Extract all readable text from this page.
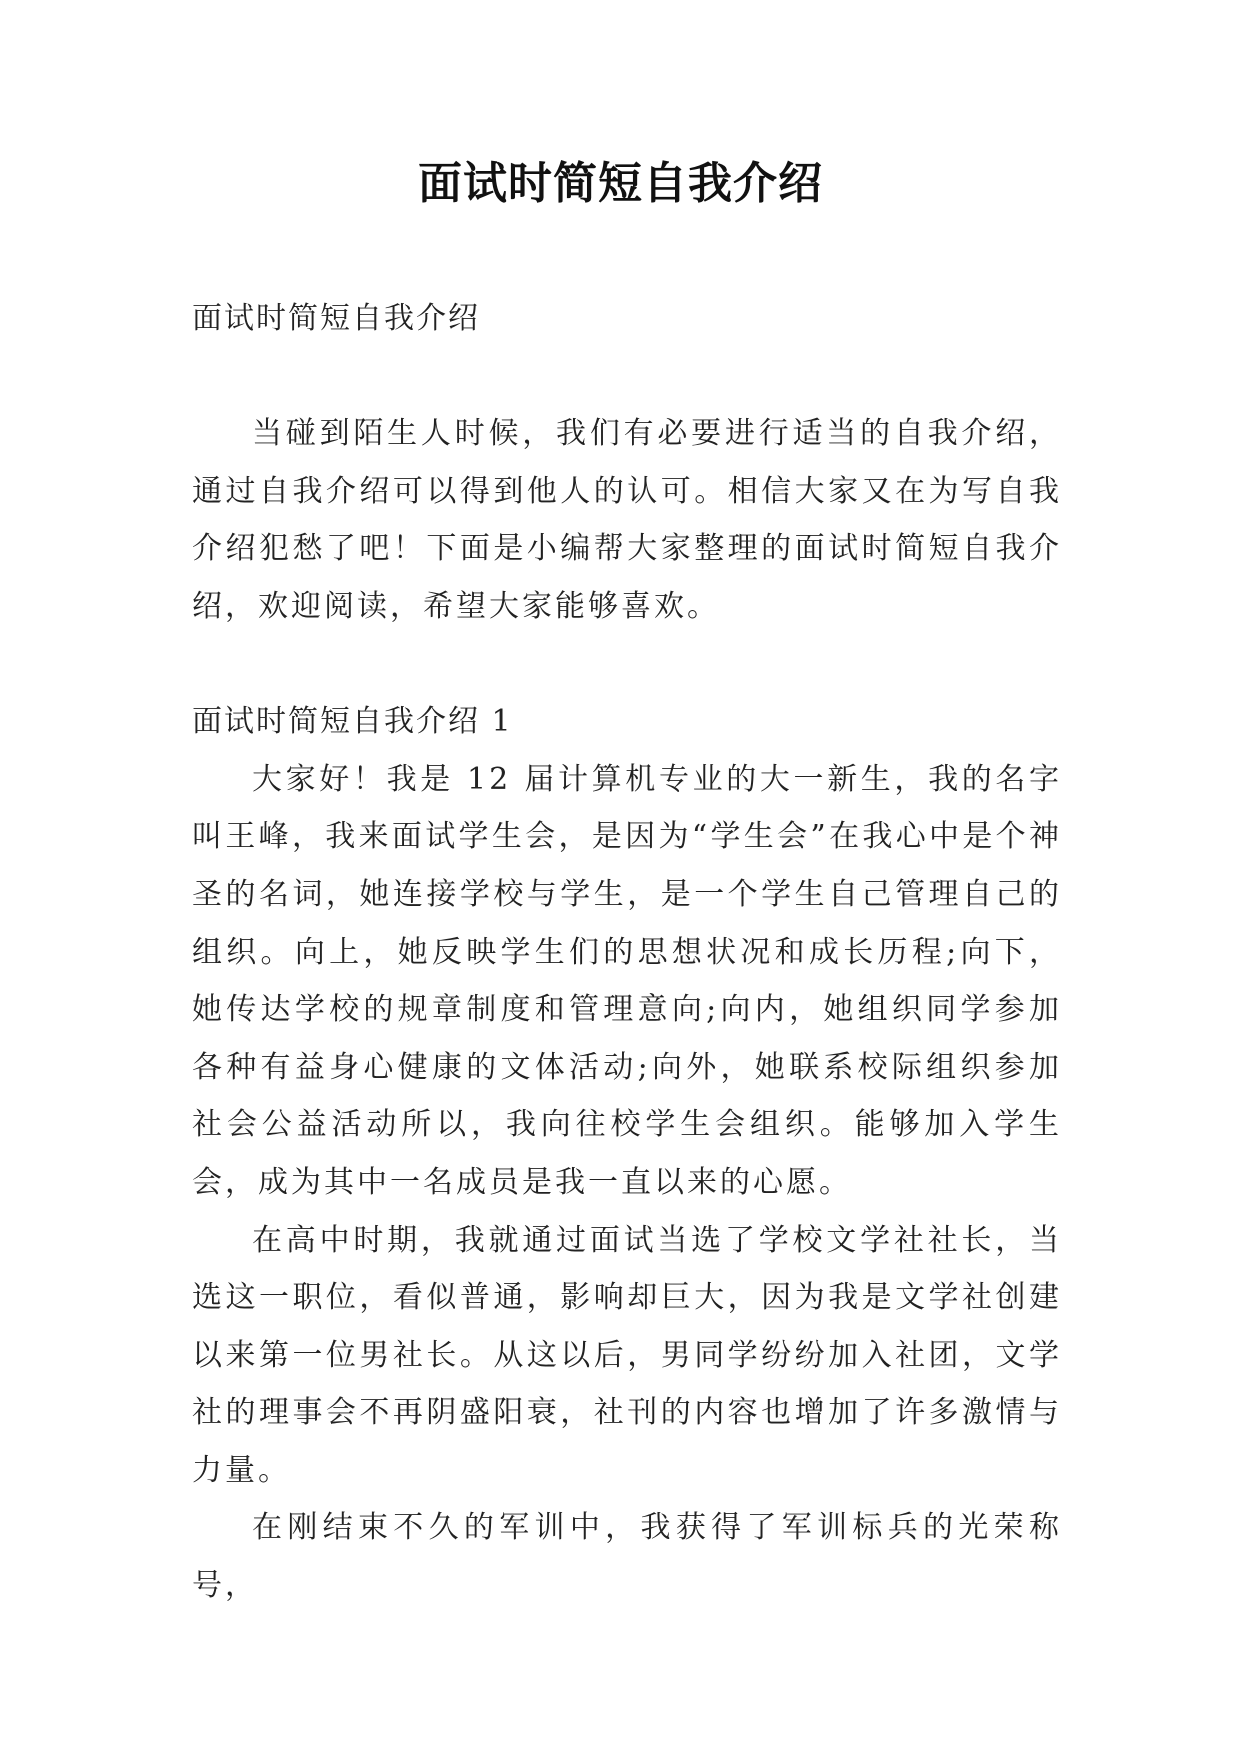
面试时简短自我介绍

面试时简短自我介绍

当碰到陌生人时候，我们有必要进行适当的自我介绍，通过自我介绍可以得到他人的认可。相信大家又在为写自我介绍犯愁了吧！下面是小编帮大家整理的面试时简短自我介绍，欢迎阅读，希望大家能够喜欢。

面试时简短自我介绍 1

大家好！我是 12 届计算机专业的大一新生，我的名字叫王峰，我来面试学生会，是因为“学生会”在我心中是个神圣的名词，她连接学校与学生，是一个学生自己管理自己的组织。向上，她反映学生们的思想状况和成长历程;向下，她传达学校的规章制度和管理意向;向内，她组织同学参加各种有益身心健康的文体活动;向外，她联系校际组织参加社会公益活动所以，我向往校学生会组织。能够加入学生会，成为其中一名成员是我一直以来的心愿。

在高中时期，我就通过面试当选了学校文学社社长，当选这一职位，看似普通，影响却巨大，因为我是文学社创建以来第一位男社长。从这以后，男同学纷纷加入社团，文学社的理事会不再阴盛阳衰，社刊的内容也增加了许多激情与力量。

在刚结束不久的军训中，我获得了军训标兵的光荣称号，
